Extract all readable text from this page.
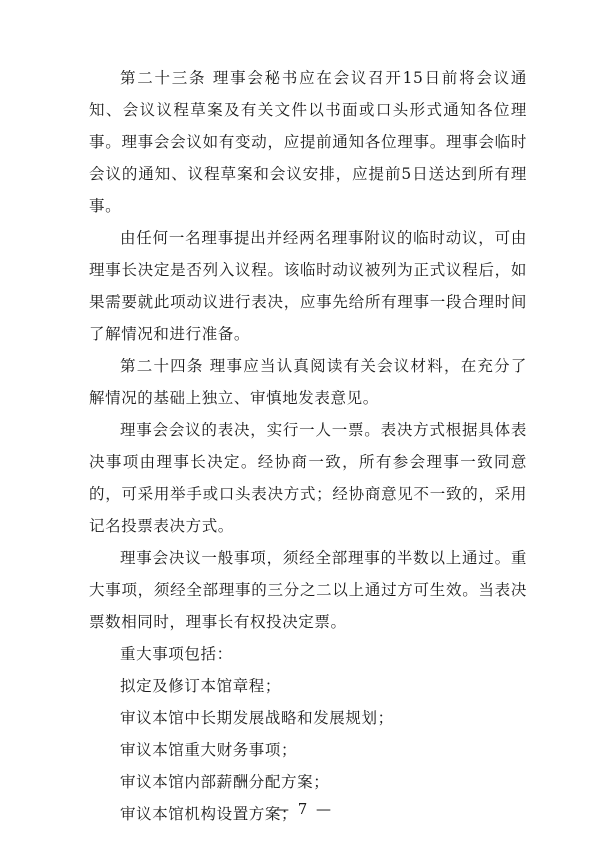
第二十三条 理事会秘书应在会议召开15日前将会议通知、会议议程草案及有关文件以书面或口头形式通知各位理事。理事会会议如有变动，应提前通知各位理事。理事会临时会议的通知、议程草案和会议安排，应提前5日送达到所有理事。

由任何一名理事提出并经两名理事附议的临时动议，可由理事长决定是否列入议程。该临时动议被列为正式议程后，如果需要就此项动议进行表决，应事先给所有理事一段合理时间了解情况和进行准备。

第二十四条 理事应当认真阅读有关会议材料，在充分了解情况的基础上独立、审慎地发表意见。

理事会会议的表决，实行一人一票。表决方式根据具体表决事项由理事长决定。经协商一致，所有参会理事一致同意的，可采用举手或口头表决方式；经协商意见不一致的，采用记名投票表决方式。

理事会决议一般事项，须经全部理事的半数以上通过。重大事项，须经全部理事的三分之二以上通过方可生效。当表决票数相同时，理事长有权投决定票。

重大事项包括：

拟定及修订本馆章程；

审议本馆中长期发展战略和发展规划；

审议本馆重大财务事项；

审议本馆内部薪酬分配方案；

审议本馆机构设置方案；

— 7 —
